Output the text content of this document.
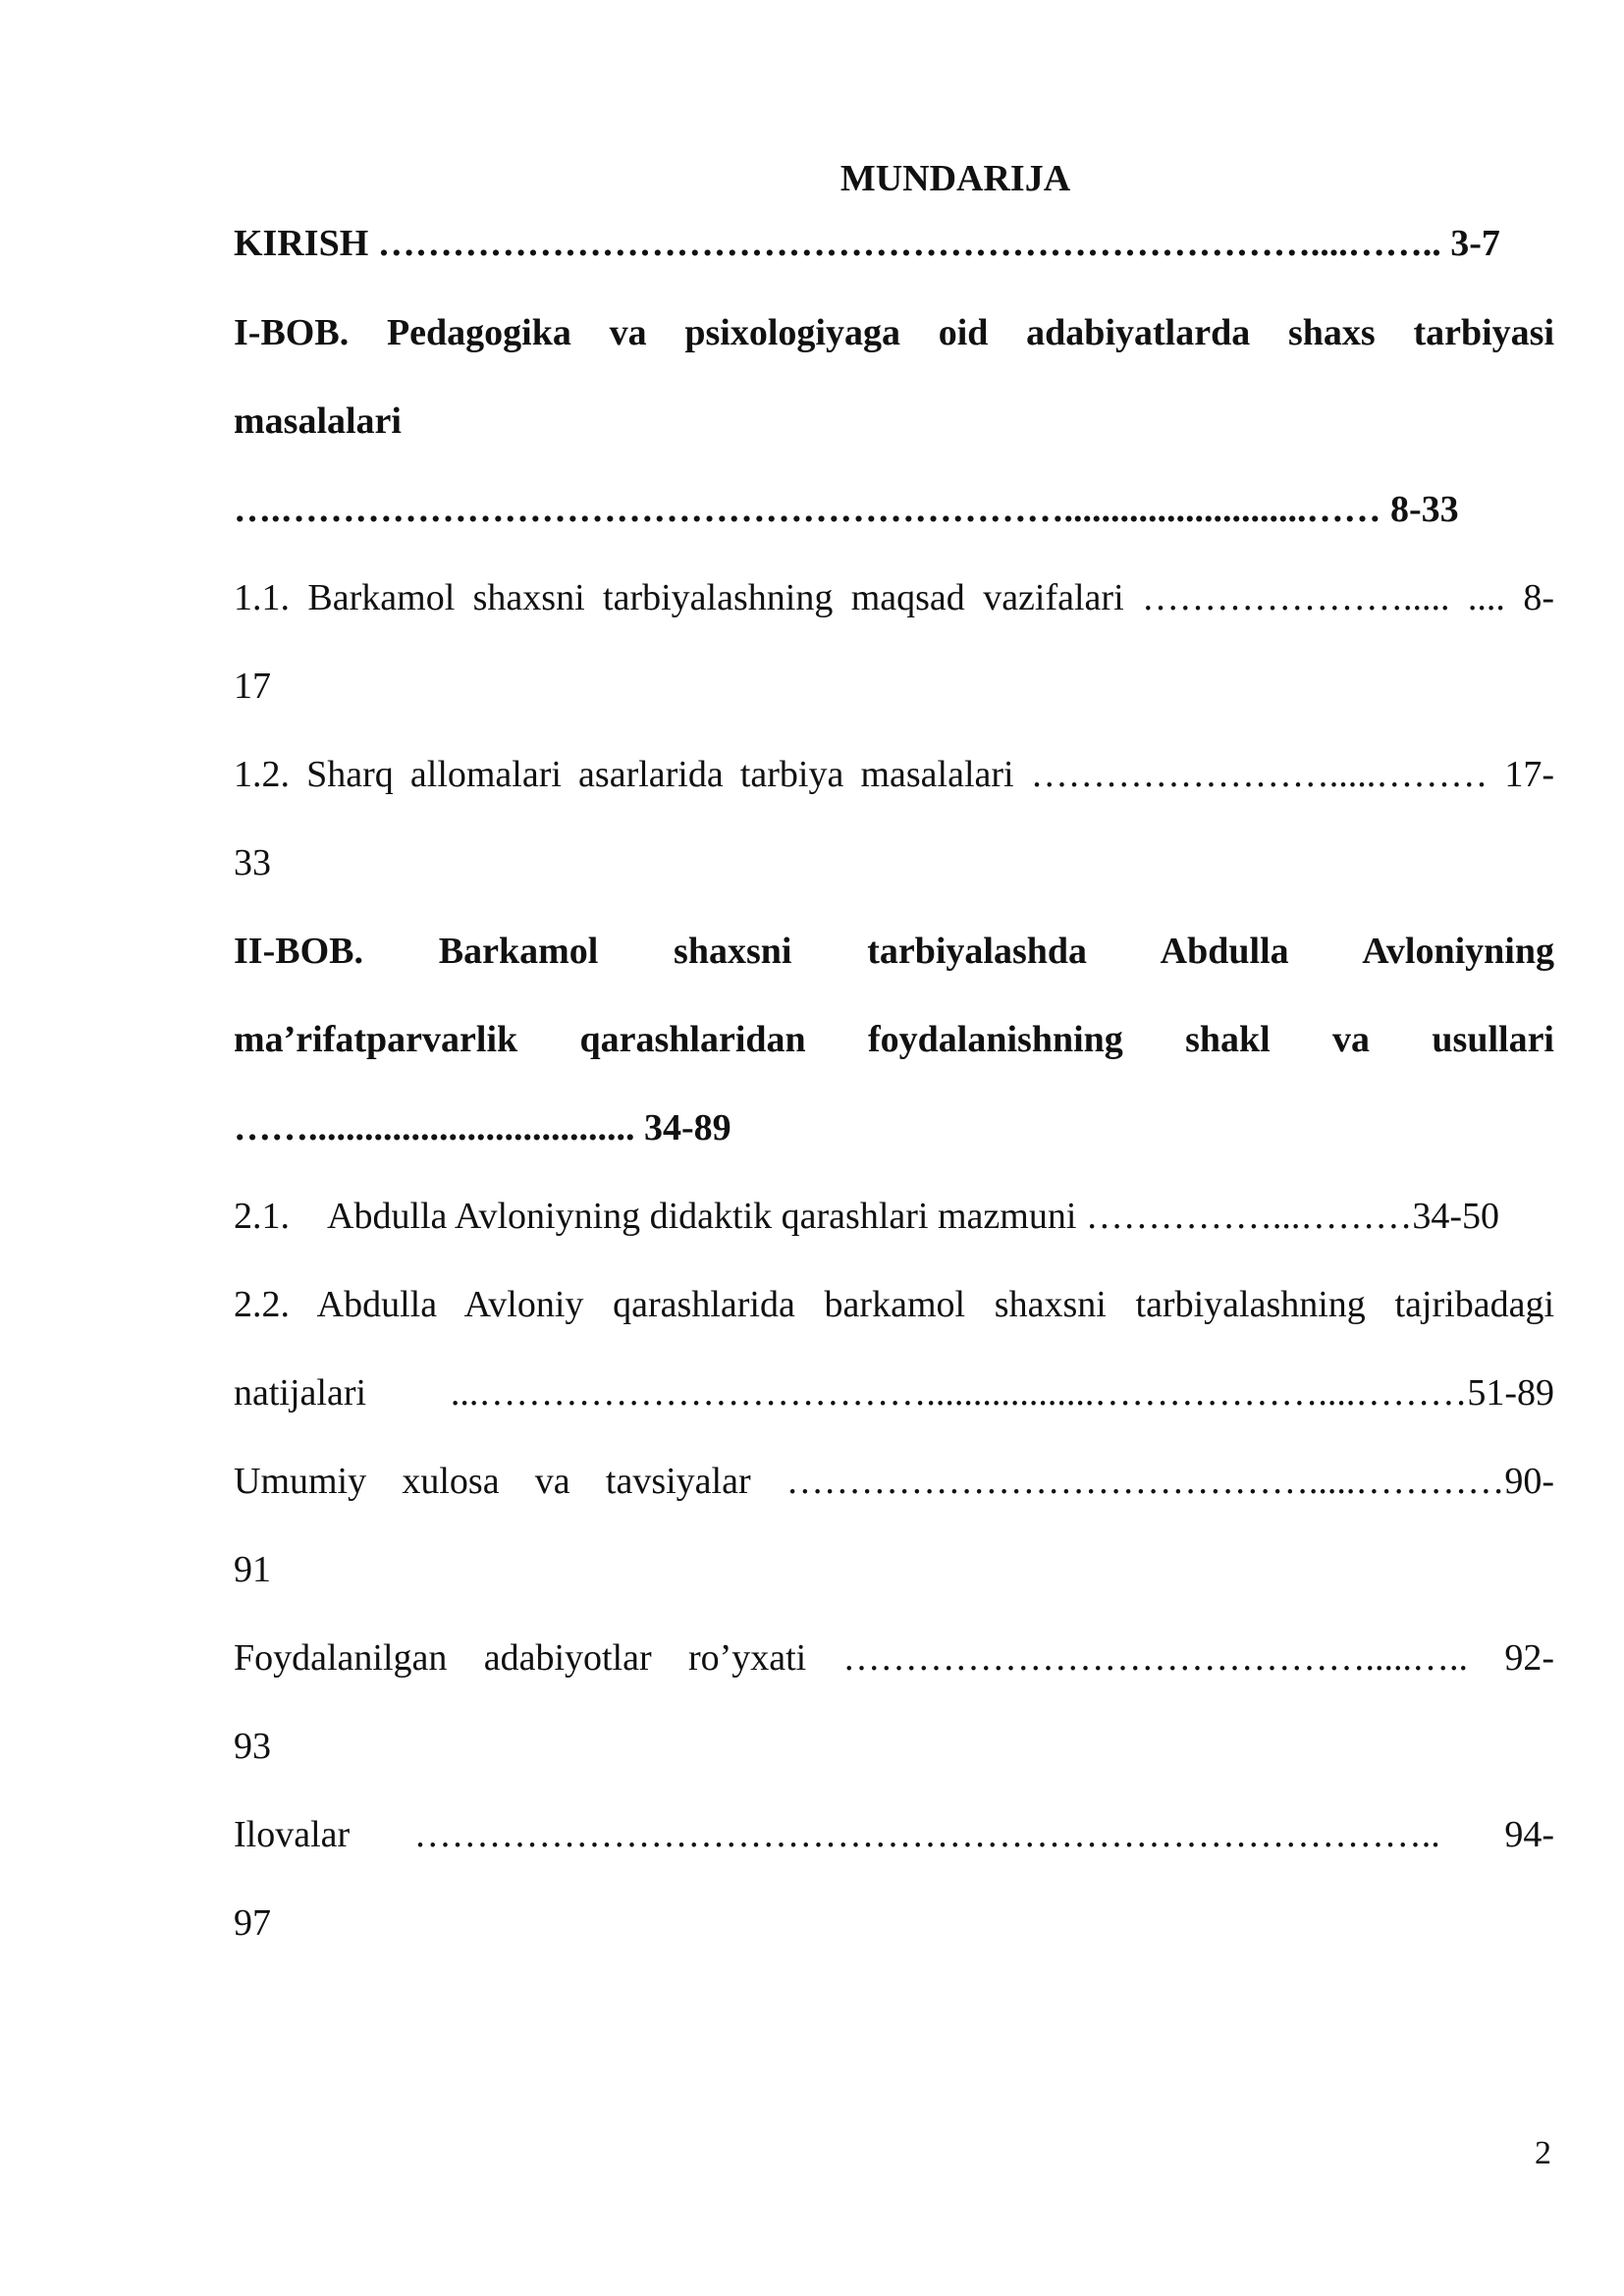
MUNDARIJA
KIRISH …………………………………………………………………....…….. 3-7
I-BOB. Pedagogika va psixologiyaga oid adabiyatlarda shaxs tarbiyasi
masalalari
….………………………………………………………..........................…… 8-33
1.1. Barkamol shaxsni tarbiyalashning maqsad vazifalari …………………..... .... 8-
17
1.2. Sharq allomalari asarlarida tarbiya masalalari …………………….....……… 17-
33
II-BOB. Barkamol shaxsni tarbiyalashda Abdulla Avloniyning
ma’rifatparvarlik qarashlaridan foydalanishning shakl va usullari
……................................... 34-89
2.1.    Abdulla Avloniyning didaktik qarashlari mazmuni ……………...………34-50
2.2. Abdulla Avloniy qarashlarida barkamol shaxsni tarbiyalashning tajribadagi
natijalari ...………………………………..................………………....………51-89
Umumiy xulosa va tavsiyalar …………………………………….....…………90-
91
Foydalanilgan adabiyotlar ro’yxati …………………………………….....….. 92-
93
Ilovalar ……………………………………………………………………….. 94-
97
2
